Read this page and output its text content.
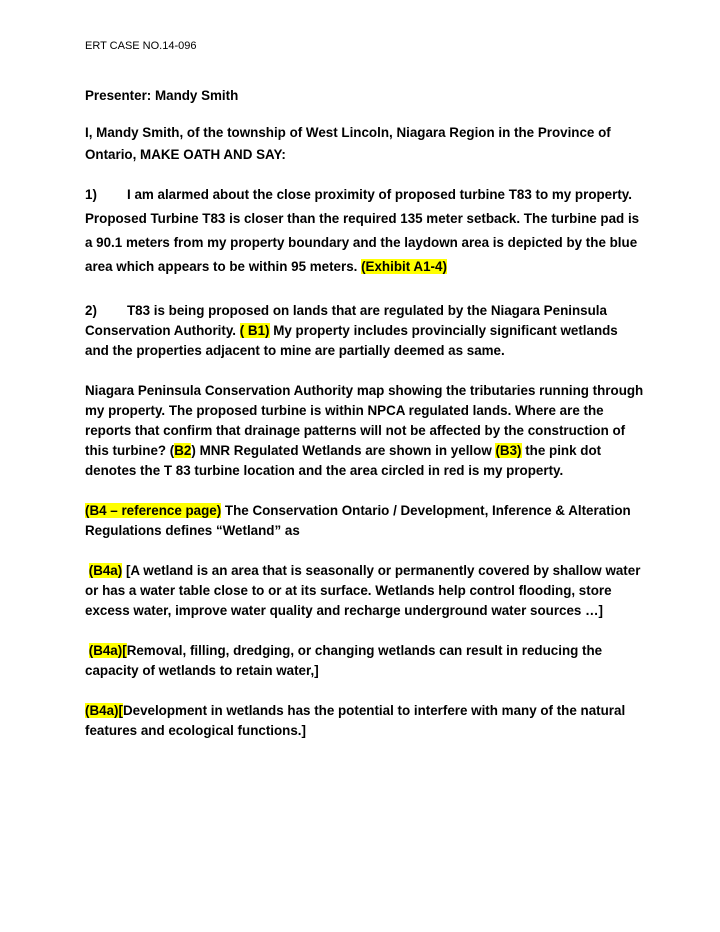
ERT CASE NO.14-096

Presenter: Mandy Smith

I, Mandy Smith, of the township of West Lincoln, Niagara Region in the Province of Ontario, MAKE OATH AND SAY:

1) I am alarmed about the close proximity of proposed turbine T83 to my property. Proposed Turbine T83 is closer than the required 135 meter setback. The turbine pad is a 90.1 meters from my property boundary and the laydown area is depicted by the blue area which appears to be within 95 meters. (Exhibit A1-4)

2) T83 is being proposed on lands that are regulated by the Niagara Peninsula Conservation Authority. ( B1) My property includes provincially significant wetlands and the properties adjacent to mine are partially deemed as same.

Niagara Peninsula Conservation Authority map showing the tributaries running through my property. The proposed turbine is within NPCA regulated lands. Where are the reports that confirm that drainage patterns will not be affected by the construction of this turbine? (B2) MNR Regulated Wetlands are shown in yellow (B3) the pink dot denotes the T 83 turbine location and the area circled in red is my property.

(B4 – reference page) The Conservation Ontario / Development, Inference & Alteration Regulations defines “Wetland” as

(B4a) [A wetland is an area that is seasonally or permanently covered by shallow water or has a water table close to or at its surface. Wetlands help control flooding, store excess water, improve water quality and recharge underground water sources …]

(B4a)[Removal, filling, dredging, or changing wetlands can result in reducing the capacity of wetlands to retain water,]

(B4a)[Development in wetlands has the potential to interfere with many of the natural features and ecological functions.]
